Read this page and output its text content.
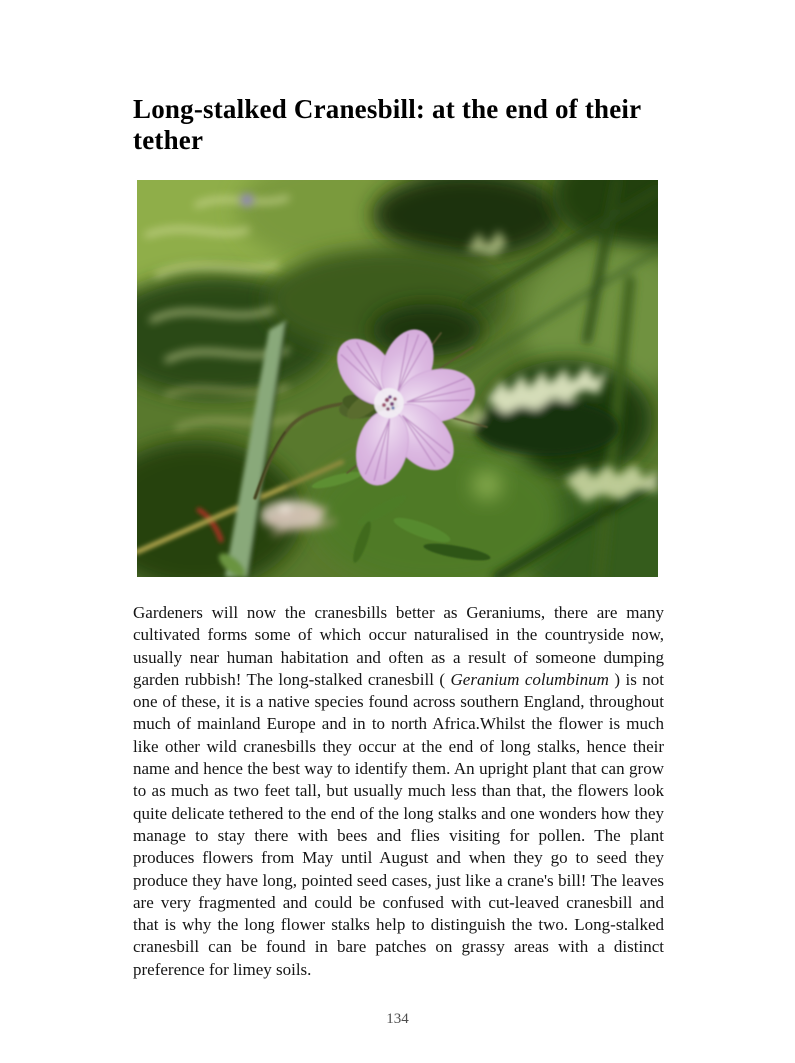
Long-stalked Cranesbill: at the end of their tether

Gardeners will now the cranesbills better as Geraniums, there are many cultivated forms some of which occur naturalised in the countryside now, usually near human habitation and often as a result of someone dumping garden rubbish! The long-stalked cranesbill ( Geranium columbinum ) is not one of these, it is a native species found across southern England, throughout much of mainland Europe and in to north Africa.Whilst the flower is much like other wild cranesbills they occur at the end of long stalks, hence their name and hence the best way to identify them. An upright plant that can grow to as much as two feet tall, but usually much less than that, the flowers look quite delicate tethered to the end of the long stalks and one wonders how they manage to stay there with bees and flies visiting for pollen. The plant produces flowers from May until August and when they go to seed they produce they have long, pointed seed cases, just like a crane's bill! The leaves are very fragmented and could be confused with cut-leaved cranesbill and that is why the long flower stalks help to distinguish the two. Long-stalked cranesbill can be found in bare patches on grassy areas with a distinct preference for limey soils.

134
